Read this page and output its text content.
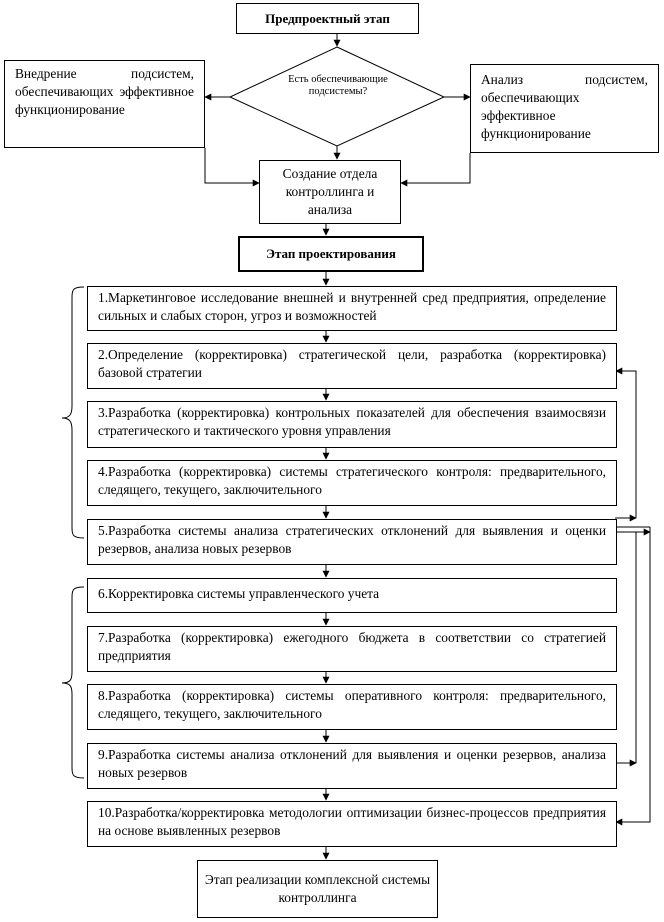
Предпроектный этап
Есть обеспечивающие подсистемы?
Внедрение подсистем, обеспечивающих эффективное функционирование
Анализ подсистем, обеспечивающих эффективное функционирование
Создание отдела контроллинга и анализа
Этап проектирования
1.Маркетинговое исследование внешней и внутренней сред предприятия, определение сильных и слабых сторон, угроз и возможностей
2.Определение (корректировка) стратегической цели, разработка (корректировка) базовой стратегии
3.Разработка (корректировка) контрольных показателей для обеспечения взаимосвязи стратегического и тактического уровня управления
4.Разработка (корректировка) системы стратегического контроля: предварительного, следящего, текущего, заключительного
5.Разработка системы анализа стратегических отклонений для выявления и оценки резервов, анализа новых резервов
6.Корректировка системы управленческого учета
7.Разработка (корректировка) ежегодного бюджета в соответствии со стратегией предприятия
8.Разработка (корректировка) системы оперативного контроля: предварительного, следящего, текущего, заключительного
9.Разработка системы анализа отклонений для выявления и оценки резервов, анализа новых резервов
10.Разработка/корректировка методологии оптимизации бизнес-процессов предприятия на основе выявленных резервов
Этап реализации комплексной системы контроллинга
